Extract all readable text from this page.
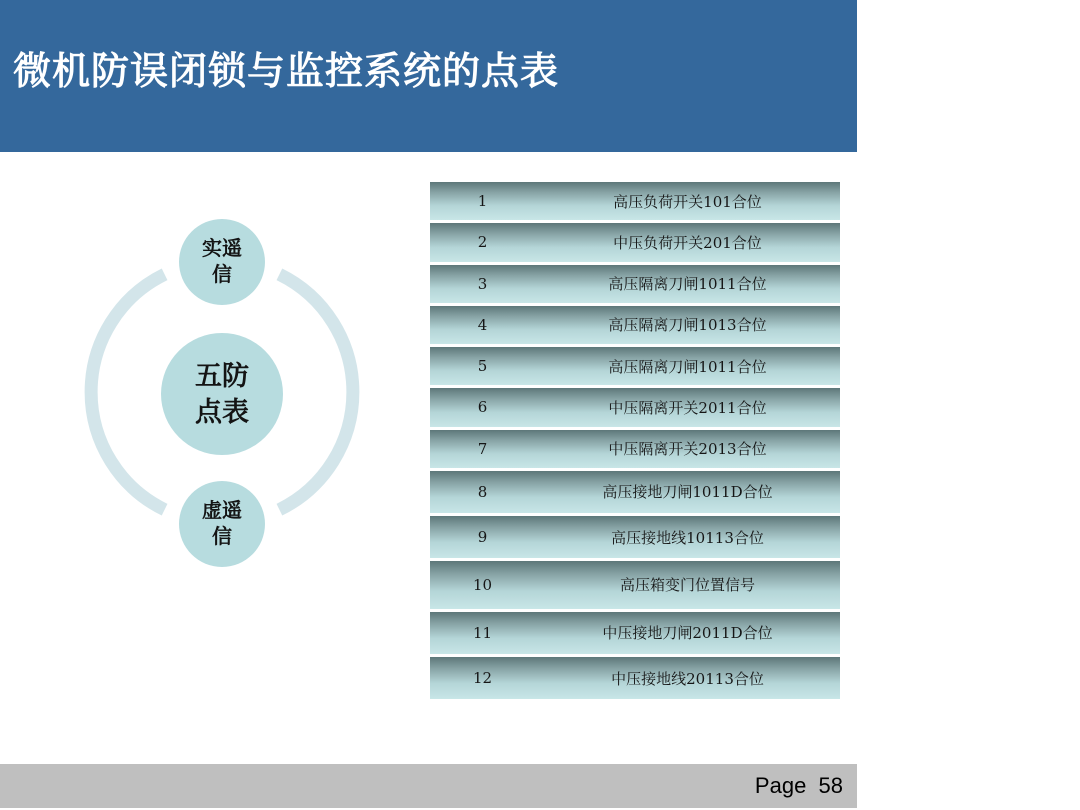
微机防误闭锁与监控系统的点表
五防
点表
实遥
信
虚遥
信
1	高压负荷开关101合位
2	中压负荷开关201合位
3	高压隔离刀闸1011合位
4	高压隔离刀闸1013合位
5	高压隔离刀闸1011合位
6	中压隔离开关2011合位
7	中压隔离开关2013合位
8	高压接地刀闸1011D合位
9	高压接地线10113合位
10	高压箱变门位置信号
11	中压接地刀闸2011D合位
12	中压接地线20113合位
Page  58
